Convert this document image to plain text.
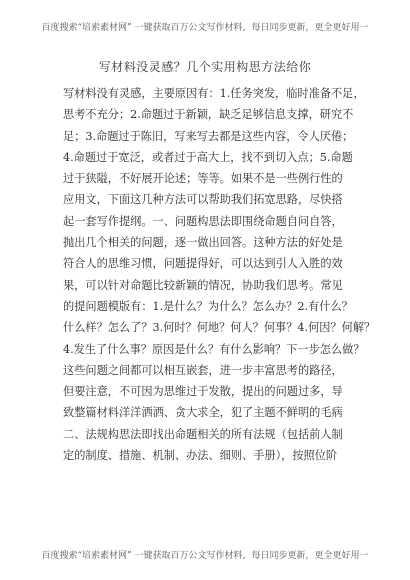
百度搜索“培索素材网” 一键获取百万公文写作材料，每日同步更新，更全更好用一
写材料没灵感？几个实用构思方法给你
写材料没有灵感，主要原因有：1.任务突发，临时准备不足，
思考不充分；2.命题过于新颖，缺乏足够信息支撑，研究不
足；3.命题过于陈旧，写来写去都是这些内容，令人厌倦；
4.命题过于宽泛，或者过于高大上，找不到切入点；5.命题
过于狭隘，不好展开论述；等等。如果不是一些例行性的
应用文，下面这几种方法可以帮助我们拓宽思路，尽快搭
起一套写作提纲。一、问题构思法即围绕命题自问自答，
抛出几个相关的问题，逐一做出回答。这种方法的好处是
符合人的思维习惯，问题提得好，可以达到引人入胜的效
果，可以针对命题比较新颖的情况，协助我们思考。常见
的提问题模版有：1.是什么？为什么？怎么办？2.有什么？
什么样？怎么了？3.何时？何地？何人？何事？4.何因？何解？
4.发生了什么事？原因是什么？有什么影响？下一步怎么做？
这些问题之间都可以相互嵌套，进一步丰富思考的路径，
但要注意，不可因为思维过于发散，提出的问题过多，导
致整篇材料洋洋洒洒、贪大求全，犯了主题不鲜明的毛病
二、法规构思法即找出命题相关的所有法规（包括前人制
定的制度、措施、机制、办法、细则、手册），按照位阶
百度搜索“培索素材网” 一键获取百万公文写作材料，每日同步更新，更全更好用一
